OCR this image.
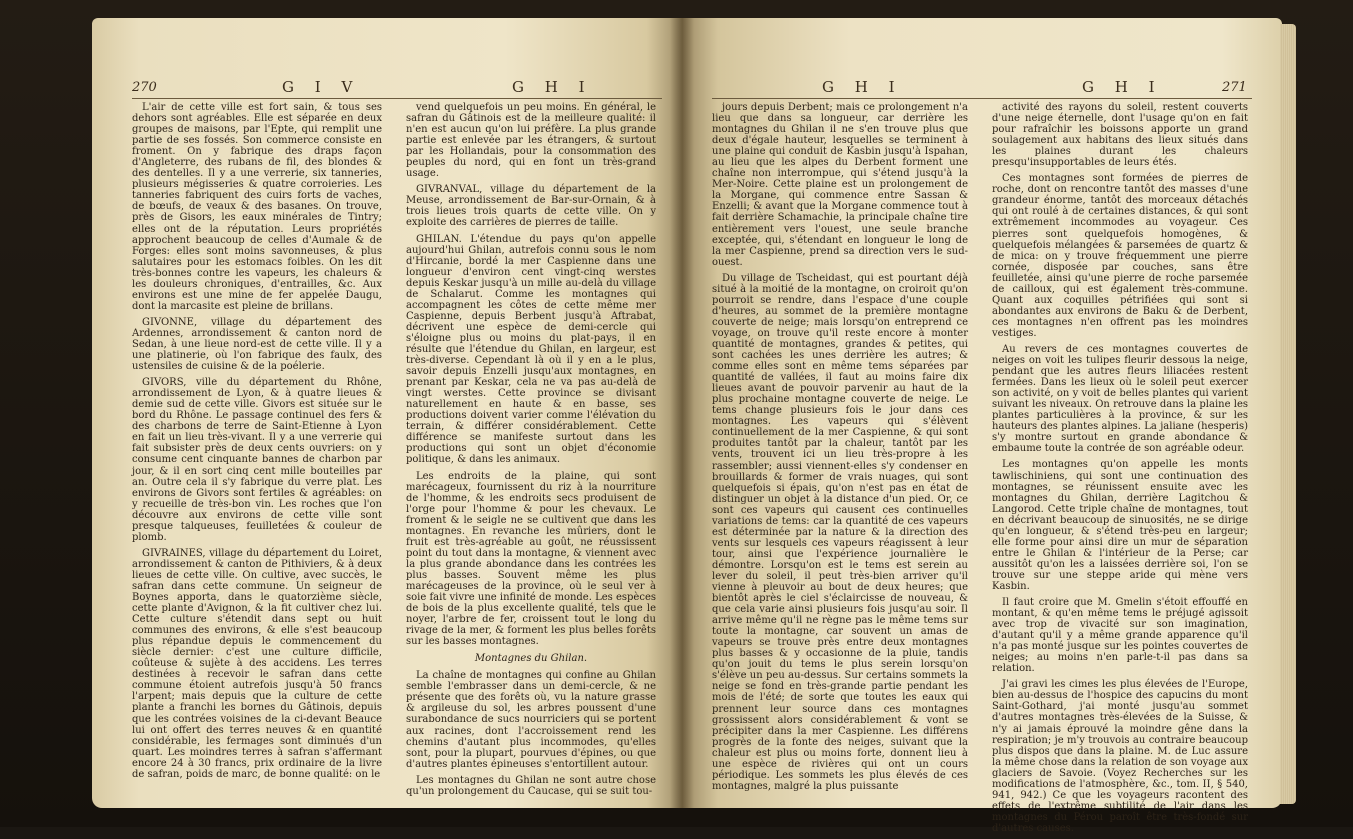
270	G I V	G H I

L'air de cette ville est fort sain, & tous ses dehors sont agréables. Elle est séparée en deux groupes de maisons, par l'Epte, qui remplit une partie de ses fossés. Son commerce consiste en froment. On y fabrique des draps façon d'Angleterre, des rubans de fil, des blondes & des dentelles. Il y a une verrerie, six tanneries, plusieurs mégisseries & quatre corroieries. Les tanneries fabriquent des cuirs forts de vaches, de bœufs, de veaux & des basanes. On trouve, près de Gisors, les eaux minérales de Tintry; elles ont de la réputation. Leurs propriétés approchent beaucoup de celles d'Aumale & de Forges: elles sont moins savonneuses, & plus salutaires pour les estomacs foibles. On les dit très-bonnes contre les vapeurs, les chaleurs & les douleurs chroniques, d'entrailles, &c. Aux environs est une mine de fer appelée Daugu, dont la marcasite est pleine de brillans.

GIVONNE, village du département des Ardennes, arrondissement & canton nord de Sedan, à une lieue nord-est de cette ville. Il y a une platinerie, où l'on fabrique des faulx, des ustensiles de cuisine & de la poélerie.

GIVORS, ville du département du Rhône, arrondissement de Lyon, & à quatre lieues & demie sud de cette ville. Givors est située sur le bord du Rhône. Le passage continuel des fers & des charbons de terre de Saint-Etienne à Lyon en fait un lieu très-vivant. Il y a une verrerie qui fait subsister près de deux cents ouvriers: on y consume cent cinquante bannes de charbon par jour, & il en sort cinq cent mille bouteilles par an. Outre cela il s'y fabrique du verre plat. Les environs de Givors sont fertiles & agréables: on y recueille de très-bon vin. Les roches que l'on découvre aux environs de cette ville sont presque talqueuses, feuilletées & couleur de plomb.

GIVRAINES, village du département du Loiret, arrondissement & canton de Pithiviers, & à deux lieues de cette ville. On cultive, avec succès, le safran dans cette commune. Un seigneur de Boynes apporta, dans le quatorzième siècle, cette plante d'Avignon, & la fit cultiver chez lui. Cette culture s'étendit dans sept ou huit communes des environs, & elle s'est beaucoup plus répandue depuis le commencement du siècle dernier: c'est une culture difficile, coûteuse & sujète à des accidens. Les terres destinées à recevoir le safran dans cette commune étoient autrefois jusqu'à 50 francs l'arpent; mais depuis que la culture de cette plante a franchi les bornes du Gâtinois, depuis que les contrées voisines de la ci-devant Beauce lui ont offert des terres neuves & en quantité considérable, les fermages sont diminués d'un quart. Les moindres terres à safran s'affermant encore 24 à 30 francs, prix ordinaire de la livre de safran, poids de marc, de bonne qualité: on le

vend quelquefois un peu moins. En général, le safran du Gâtinois est de la meilleure qualité: il n'en est aucun qu'on lui préfère. La plus grande partie est enlevée par les étrangers, & surtout par les Hollandais, pour la consommation des peuples du nord, qui en font un très-grand usage.

GIVRANVAL, village du département de la Meuse, arrondissement de Bar-sur-Ornain, & à trois lieues trois quarts de cette ville. On y exploite des carrières de pierres de taille.

GHILAN. L'étendue du pays qu'on appelle aujourd'hui Ghilan, autrefois connu sous le nom d'Hircanie, bordé la mer Caspienne dans une longueur d'environ cent vingt-cinq werstes depuis Keskar jusqu'à un mille au-delà du village de Schalarut. Comme les montagnes qui accompagnent les côtes de cette même mer Caspienne, depuis Berbent jusqu'à Aftrabat, décrivent une espèce de demi-cercle qui s'éloigne plus ou moins du plat-pays, il en résulte que l'étendue du Ghilan, en largeur, est très-diverse. Cependant là où il y en a le plus, savoir depuis Enzelli jusqu'aux montagnes, en prenant par Keskar, cela ne va pas au-delà de vingt werstes. Cette province se divisant naturellement en haute & en basse, ses productions doivent varier comme l'élévation du terrain, & différer considérablement. Cette différence se manifeste surtout dans les productions qui sont un objet d'économie politique, & dans les animaux.

Les endroits de la plaine, qui sont marécageux, fournissent du riz à la nourriture de l'homme, & les endroits secs produisent de l'orge pour l'homme & pour les chevaux. Le froment & le seigle ne se cultivent que dans les montagnes. En revanche les mûriers, dont le fruit est très-agréable au goût, ne réussissent point du tout dans la montagne, & viennent avec la plus grande abondance dans les contrées les plus basses. Souvent même les plus marécageuses de la province, où le seul ver à soie fait vivre une infinité de monde. Les espèces de bois de la plus excellente qualité, tels que le noyer, l'arbre de fer, croissent tout le long du rivage de la mer, & forment les plus belles forêts sur les basses montagnes.

Montagnes du Ghilan.

La chaîne de montagnes qui confine au Ghilan semble l'embrasser dans un demi-cercle, & ne présente que des forêts où, vu la nature grasse & argileuse du sol, les arbres poussent d'une surabondance de sucs nourriciers qui se portent aux racines, dont l'accroissement rend les chemins d'autant plus incommodes, qu'elles sont, pour la plupart, pourvues d'épines, ou que d'autres plantes épineuses s'entortillent autour.

Les montagnes du Ghilan ne sont autre chose qu'un prolongement du Caucase, qui se suit tou-

G H I	G H I	271

jours depuis Derbent; mais ce prolongement n'a lieu que dans sa longueur, car derrière les montagnes du Ghilan il ne s'en trouve plus que deux d'égale hauteur, lesquelles se terminent à une plaine qui conduit de Kasbin jusqu'à Ispahan, au lieu que les alpes du Derbent forment une chaîne non interrompue, qui s'étend jusqu'à la Mer-Noire. Cette plaine est un prolongement de la Morgane, qui commence entre Sassan & Enzelli; & avant que la Morgane commence tout à fait derrière Schamachie, la principale chaîne tire entièrement vers l'ouest, une seule branche exceptée, qui, s'étendant en longueur le long de la mer Caspienne, prend sa direction vers le sud-ouest.

Du village de Tscheidast, qui est pourtant déjà situé à la moitié de la montagne, on croiroit qu'on pourroit se rendre, dans l'espace d'une couple d'heures, au sommet de la première montagne couverte de neige; mais lorsqu'on entreprend ce voyage, on trouve qu'il reste encore à monter quantité de montagnes, grandes & petites, qui sont cachées les unes derrière les autres; & comme elles sont en même tems séparées par quantité de vallées, il faut au moins faire dix lieues avant de pouvoir parvenir au haut de la plus prochaine montagne couverte de neige. Le tems change plusieurs fois le jour dans ces montagnes. Les vapeurs qui s'élèvent continuellement de la mer Caspienne, & qui sont produites tantôt par la chaleur, tantôt par les vents, trouvent ici un lieu très-propre à les rassembler; aussi viennent-elles s'y condenser en brouillards & former de vrais nuages, qui sont quelquefois si épais, qu'on n'est pas en état de distinguer un objet à la distance d'un pied. Or, ce sont ces vapeurs qui causent ces continuelles variations de tems: car la quantité de ces vapeurs est déterminée par la nature & la direction des vents sur lesquels ces vapeurs réagissent à leur tour, ainsi que l'expérience journalière le démontre. Lorsqu'on est le tems est serein au lever du soleil, il peut très-bien arriver qu'il vienne à pleuvoir au bout de deux heures; que bientôt après le ciel s'éclaircisse de nouveau, & que cela varie ainsi plusieurs fois jusqu'au soir. Il arrive même qu'il ne règne pas le même tems sur toute la montagne, car souvent un amas de vapeurs se trouve près entre deux montagnes plus basses & y occasionne de la pluie, tandis qu'on jouit du tems le plus serein lorsqu'on s'élève un peu au-dessus. Sur certains sommets la neige se fond en très-grande partie pendant les mois de l'été; de sorte que toutes les eaux qui prennent leur source dans ces montagnes grossissent alors considérablement & vont se précipiter dans la mer Caspienne. Les différens progrès de la fonte des neiges, suivant que la chaleur est plus ou moins forte, donnent lieu à une espèce de rivières qui ont un cours périodique. Les sommets les plus élevés de ces montagnes, malgré la plus puissante

activité des rayons du soleil, restent couverts d'une neige éternelle, dont l'usage qu'on en fait pour rafraîchir les boissons apporte un grand soulagement aux habitans des lieux situés dans les plaines durant les chaleurs presqu'insupportables de leurs étés.

Ces montagnes sont formées de pierres de roche, dont on rencontre tantôt des masses d'une grandeur énorme, tantôt des morceaux détachés qui ont roulé à de certaines distances, & qui sont extrêmement incommodes au voyageur. Ces pierres sont quelquefois homogènes, & quelquefois mélangées & parsemées de quartz & de mica: on y trouve fréquemment une pierre cornée, disposée par couches, sans être feuilletée, ainsi qu'une pierre de roche parsemée de cailloux, qui est également très-commune. Quant aux coquilles pétrifiées qui sont si abondantes aux environs de Baku & de Derbent, ces montagnes n'en offrent pas les moindres vestiges.

Au revers de ces montagnes couvertes de neiges on voit les tulipes fleurir dessous la neige, pendant que les autres fleurs liliacées restent fermées. Dans les lieux où le soleil peut exercer son activité, on y voit de belles plantes qui varient suivant les niveaux. On retrouve dans la plaine les plantes particulières à la province, & sur les hauteurs des plantes alpines. La jaliane (hesperis) s'y montre surtout en grande abondance & embaume toute la contrée de son agréable odeur.

Les montagnes qu'on appelle les monts tawlischiniens, qui sont une continuation des montagnes, se réunissent ensuite avec les montagnes du Ghilan, derrière Lagitchou & Langorod. Cette triple chaîne de montagnes, tout en décrivant beaucoup de sinuosités, ne se dirige qu'en longueur, & s'étend très-peu en largeur; elle forme pour ainsi dire un mur de séparation entre le Ghilan & l'intérieur de la Perse; car aussitôt qu'on les a laissées derrière soi, l'on se trouve sur une steppe aride qui mène vers Kasbin.

Il faut croire que M. Gmelin s'étoit effouffé en montant, & qu'en même tems le préjugé agissoit avec trop de vivacité sur son imagination, d'autant qu'il y a même grande apparence qu'il n'a pas monté jusque sur les pointes couvertes de neiges; au moins n'en parle-t-il pas dans sa relation.

J'ai gravi les cimes les plus élevées de l'Europe, bien au-dessus de l'hospice des capucins du mont Saint-Gothard, j'ai monté jusqu'au sommet d'autres montagnes très-élevées de la Suisse, & n'y ai jamais éprouvé la moindre gêne dans la respiration; je m'y trouvois au contraire beaucoup plus dispos que dans la plaine. M. de Luc assure la même chose dans la relation de son voyage aux glaciers de Savoie. (Voyez Recherches sur les modifications de l'atmosphère, &c., tom. II, § 540, 941, 942.) Ce que les voyageurs racontent des effets de l'extrême subtilité de l'air dans les montagnes du Pérou paroît être très-fondé sur d'autres causes.
